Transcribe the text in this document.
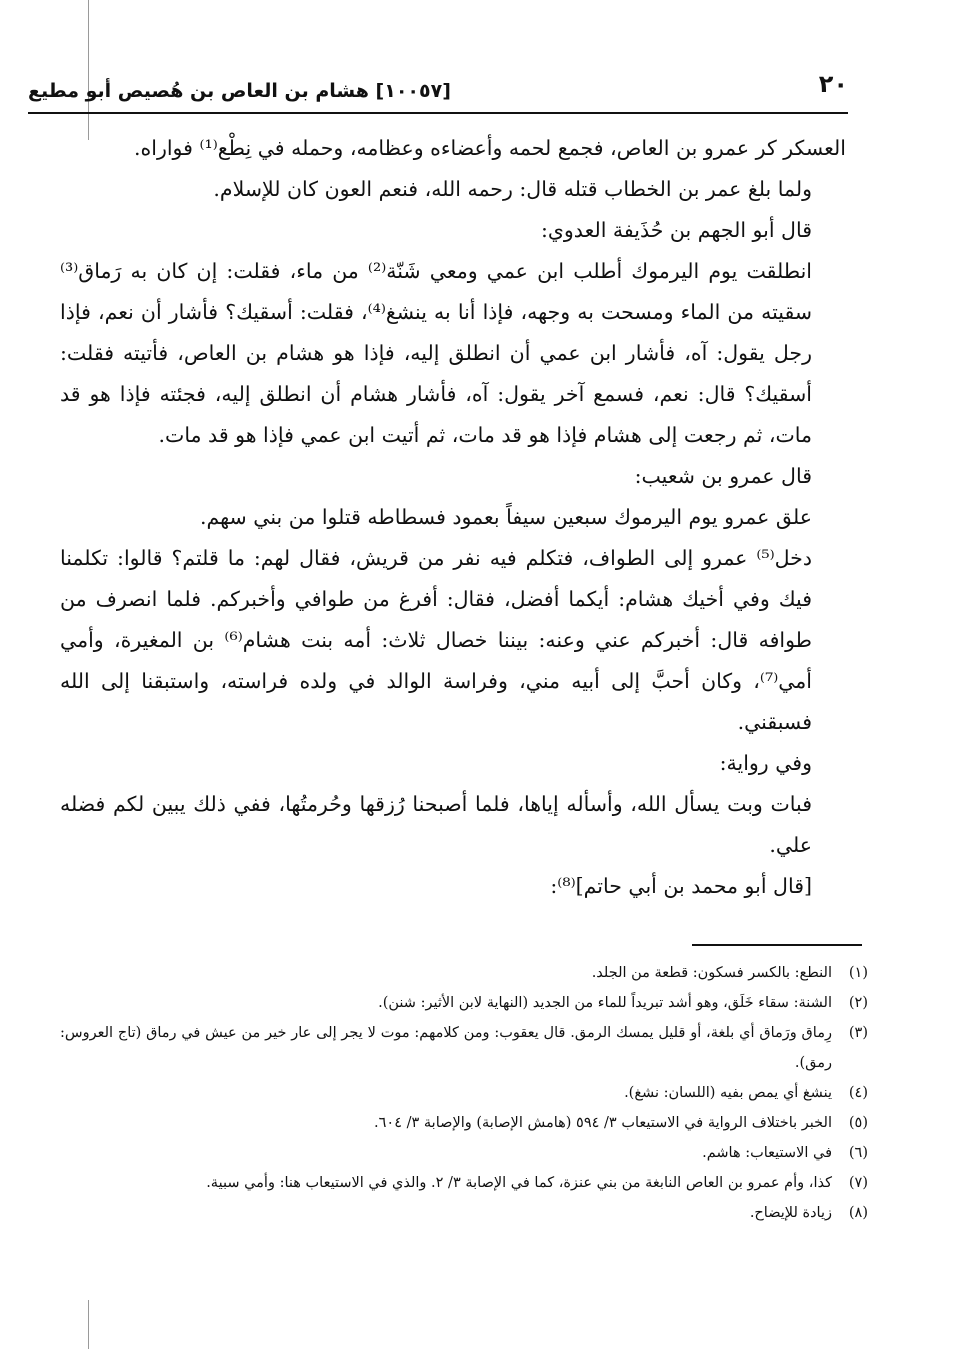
٢٠
[١٠٠٥٧] هشام بن العاص بن هُصيص أبو مطيع

العسكر كر عمرو بن العاص، فجمع لحمه وأعضاءه وعظامه، وحمله في نِطْع⁽¹⁾ فواراه.

ولما بلغ عمر بن الخطاب قتله قال: رحمه الله، فنعم العون كان للإسلام.

قال أبو الجهم بن حُذَيفة العدوي:

انطلقت يوم اليرموك أطلب ابن عمي ومعي شَنّة⁽²⁾ من ماء، فقلت: إن كان به رَماق⁽³⁾ سقيته من الماء ومسحت به وجهه، فإذا أنا به ينشغ⁽⁴⁾، فقلت: أسقيك؟ فأشار أن نعم، فإذا رجل يقول: آه، فأشار ابن عمي أن انطلق إليه، فإذا هو هشام بن العاص، فأتيته فقلت: أسقيك؟ قال: نعم، فسمع آخر يقول: آه، فأشار هشام أن انطلق إليه، فجئته فإذا هو قد مات، ثم رجعت إلى هشام فإذا هو قد مات، ثم أتيت ابن عمي فإذا هو قد مات.

قال عمرو بن شعيب:

علق عمرو يوم اليرموك سبعين سيفاً بعمود فسطاطه قتلوا من بني سهم.

دخل⁽⁵⁾ عمرو إلى الطواف، فتكلم فيه نفر من قريش، فقال لهم: ما قلتم؟ قالوا: تكلمنا فيك وفي أخيك هشام: أيكما أفضل، فقال: أفرغ من طوافي وأخبركم. فلما انصرف من طوافه قال: أخبركم عني وعنه: بيننا خصال ثلاث: أمه بنت هشام⁽⁶⁾ بن المغيرة، وأمي أمي⁽⁷⁾، وكان أحبَّ إلى أبيه مني، وفراسة الوالد في ولده فراسته، واستبقنا إلى الله فسبقني.

وفي رواية:

فبات وبت يسأل الله، وأسأله إياها، فلما أصبحنا رُزقها وحُرمتُها، ففي ذلك يبين لكم فضله علي.

[قال أبو محمد بن أبي حاتم]⁽⁸⁾:

(١)
النطع: بالكسر فسكون: قطعة من الجلد.
(٢)
الشنة: سقاء خَلَق، وهو أشد تبريداً للماء من الجديد (النهاية لابن الأثير: شنن).
(٣)
رِماق ورَماق أي بلغة، أو قليل يمسك الرمق. قال يعقوب: ومن كلامهم: موت لا يجر إلى عار خير من عيش في رماق (تاج العروس: رمق).
(٤)
ينشغ أي يمص بفيه (اللسان: نشغ).
(٥)
الخبر باختلاف الرواية في الاستيعاب ٣/ ٥٩٤ (هامش الإصابة) والإصابة ٣/ ٦٠٤.
(٦)
في الاستيعاب: هاشم.
(٧)
كذا، وأم عمرو بن العاص النابغة من بني عنزة، كما في الإصابة ٣/ ٢. والذي في الاستيعاب هنا: وأمي سبية.
(٨)
زيادة للإيضاح.
